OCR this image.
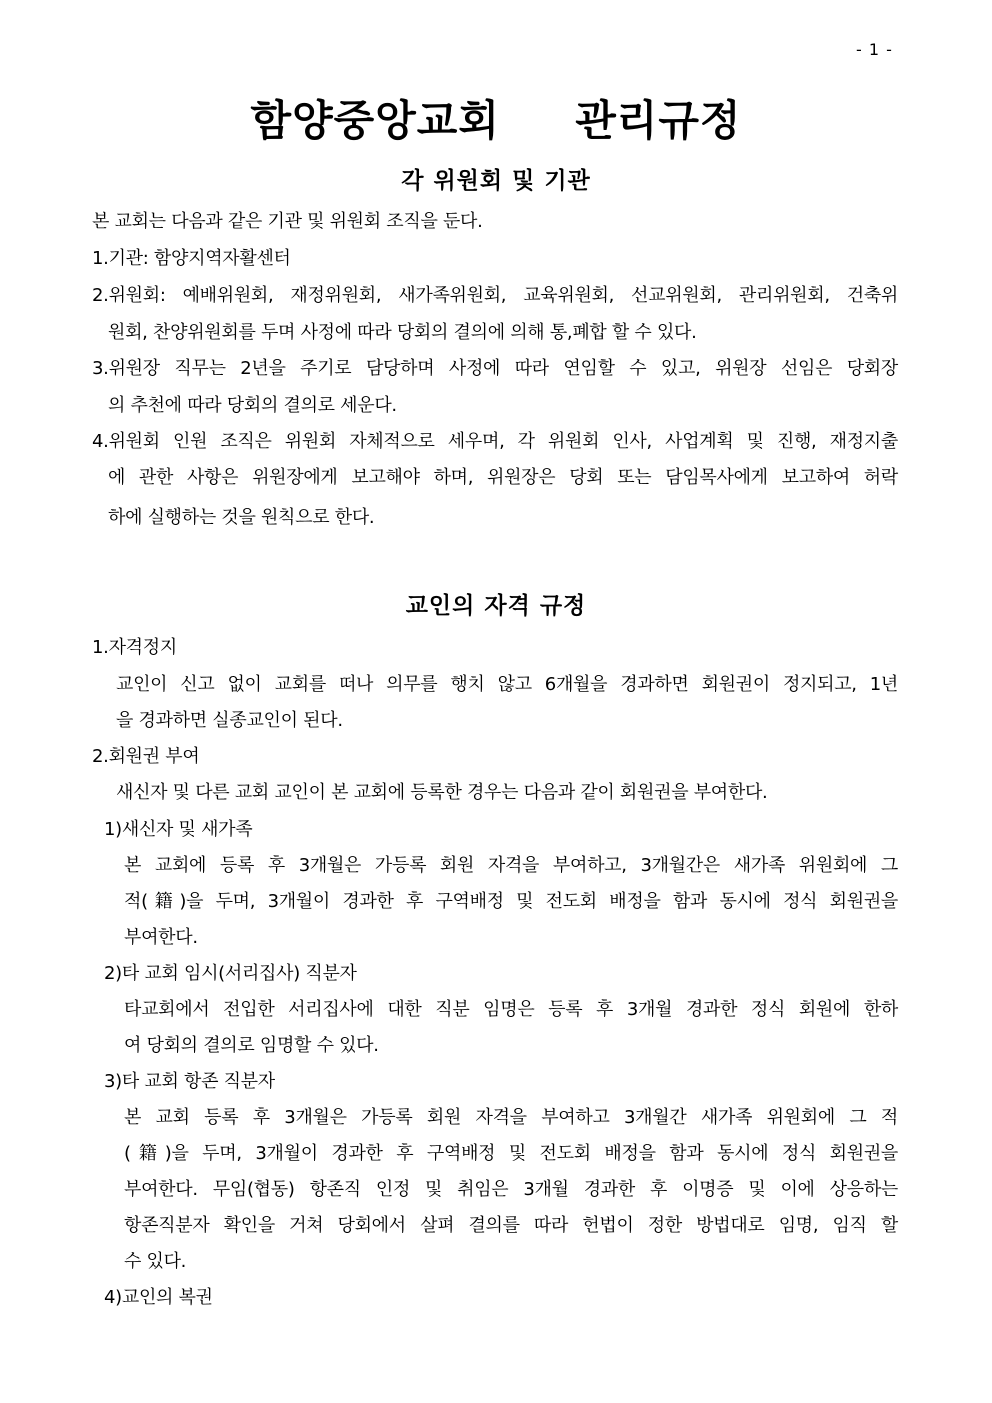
- 1 -
함양중앙교회  관리규정
각 위원회 및 기관
본 교회는 다음과 같은 기관 및 위원회 조직을 둔다.
1.기관: 함양지역자활센터
2.위원회: 예배위원회, 재정위원회, 새가족위원회, 교육위원회, 선교위원회, 관리위원회, 건축위
원회, 찬양위원회를 두며 사정에 따라 당회의 결의에 의해 통,폐합 할 수 있다.
3.위원장 직무는 2년을 주기로 담당하며 사정에 따라 연임할 수 있고, 위원장 선임은 당회장
의 추천에 따라 당회의 결의로 세운다.
4.위원회 인원 조직은 위원회 자체적으로 세우며, 각 위원회 인사, 사업계획 및 진행, 재정지출
에 관한 사항은 위원장에게 보고해야 하며, 위원장은 당회 또는 담임목사에게 보고하여 허락
하에 실행하는 것을 원칙으로 한다.
교인의 자격 규정
1.자격정지
교인이 신고 없이 교회를 떠나 의무를 행치 않고 6개월을 경과하면 회원권이 정지되고, 1년
을 경과하면 실종교인이 된다.
2.회원권 부여
새신자 및 다른 교회 교인이 본 교회에 등록한 경우는 다음과 같이 회원권을 부여한다.
1)새신자 및 새가족
본 교회에 등록 후 3개월은 가등록 회원 자격을 부여하고, 3개월간은 새가족 위원회에 그
적(籍)을 두며, 3개월이 경과한 후 구역배정 및 전도회 배정을 함과 동시에 정식 회원권을
부여한다.
2)타 교회 임시(서리집사) 직분자
타교회에서 전입한 서리집사에 대한 직분 임명은 등록 후 3개월 경과한 정식 회원에 한하
여 당회의 결의로 임명할 수 있다.
3)타 교회 항존 직분자
본 교회 등록 후 3개월은 가등록 회원 자격을 부여하고 3개월간 새가족 위원회에 그 적
(籍)을 두며, 3개월이 경과한 후 구역배정 및 전도회 배정을 함과 동시에 정식 회원권을
부여한다. 무임(협동) 항존직 인정 및 취임은 3개월 경과한 후 이명증 및 이에 상응하는
항존직분자 확인을 거쳐 당회에서 살펴 결의를 따라 헌법이 정한 방법대로 임명, 임직 할
수 있다.
4)교인의 복권
